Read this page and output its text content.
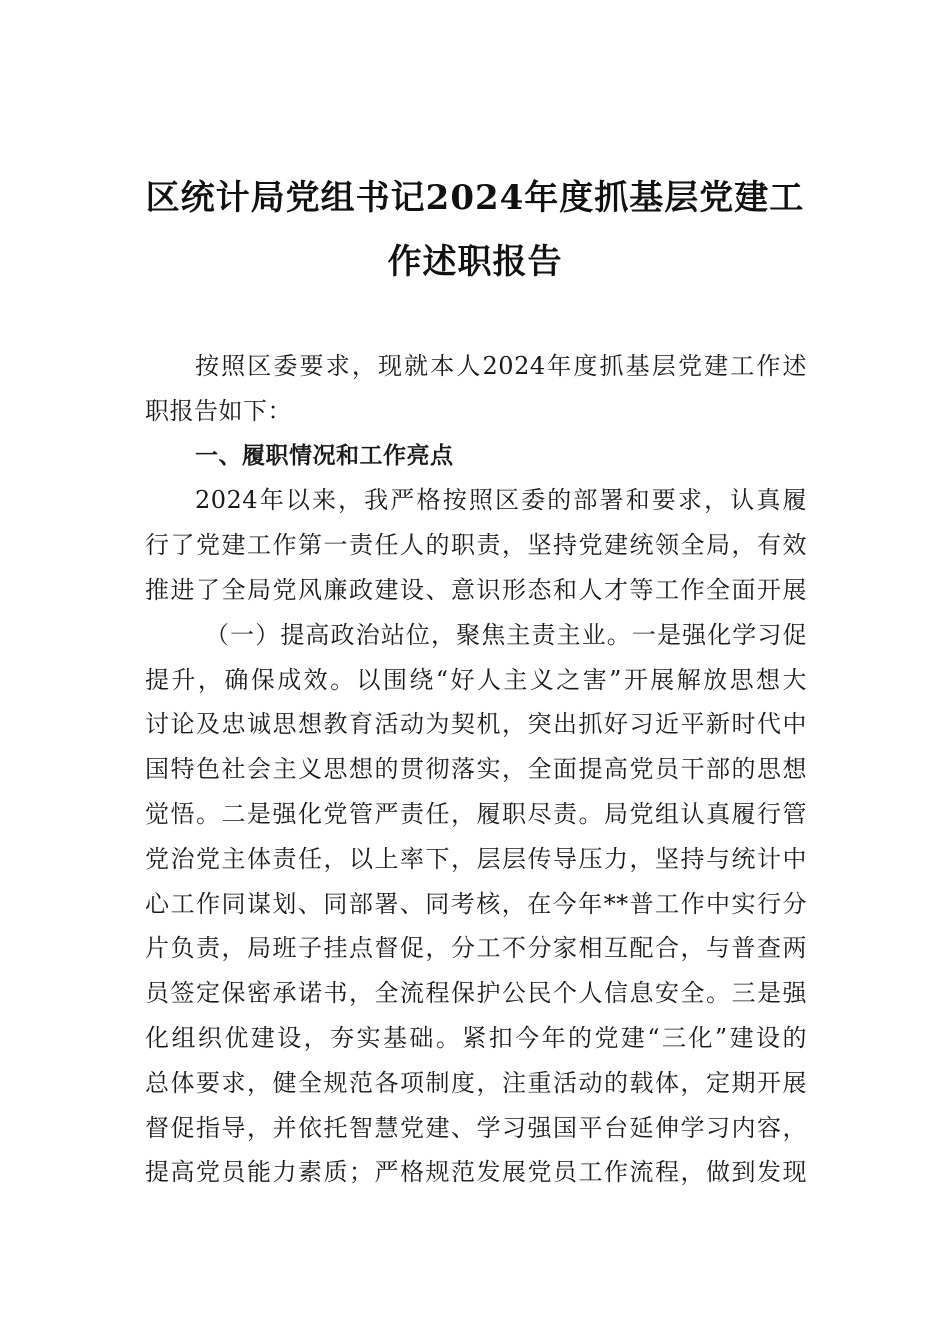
区统计局党组书记2024年度抓基层党建工
作述职报告
按照区委要求，现就本人2024年度抓基层党建工作述
职报告如下：
一、履职情况和工作亮点
2024年以来，我严格按照区委的部署和要求，认真履
行了党建工作第一责任人的职责，坚持党建统领全局，有效
推进了全局党风廉政建设、意识形态和人才等工作全面开展
（一）提高政治站位，聚焦主责主业。一是强化学习促
提升，确保成效。以围绕“好人主义之害”开展解放思想大
讨论及忠诚思想教育活动为契机，突出抓好习近平新时代中
国特色社会主义思想的贯彻落实，全面提高党员干部的思想
觉悟。二是强化党管严责任，履职尽责。局党组认真履行管
党治党主体责任，以上率下，层层传导压力，坚持与统计中
心工作同谋划、同部署、同考核，在今年**普工作中实行分
片负责，局班子挂点督促，分工不分家相互配合，与普查两
员签定保密承诺书，全流程保护公民个人信息安全。三是强
化组织优建设，夯实基础。紧扣今年的党建“三化”建设的
总体要求，健全规范各项制度，注重活动的载体，定期开展
督促指导，并依托智慧党建、学习强国平台延伸学习内容，
提高党员能力素质；严格规范发展党员工作流程，做到发现
